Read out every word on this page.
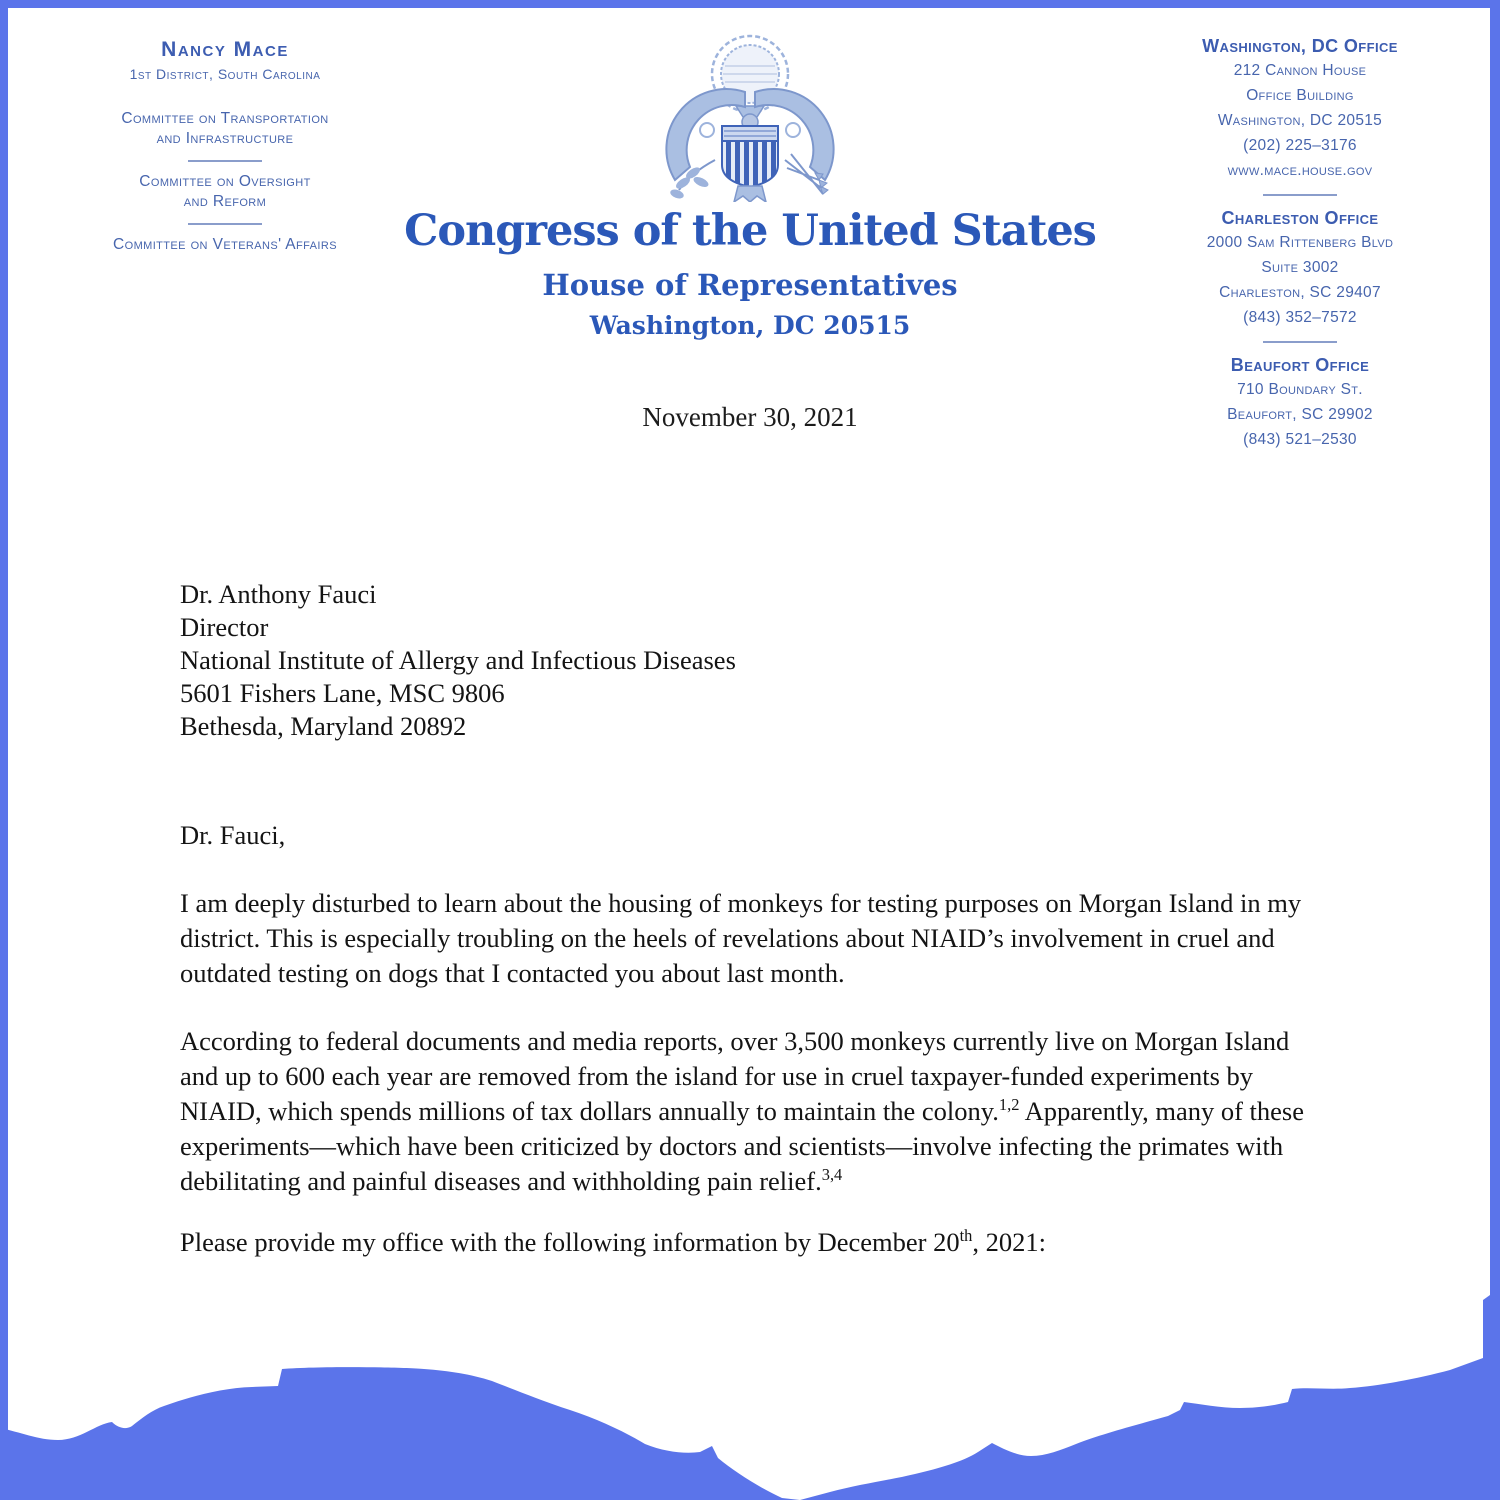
Nancy Mace
1st District, South Carolina
Committee on Transportation
and Infrastructure
Committee on Oversight
and Reform
Committee on Veterans' Affairs
Washington, DC Office
212 Cannon House
Office Building
Washington, DC 20515
(202) 225–3176
www.mace.house.gov
Charleston Office
2000 Sam Rittenberg Blvd
Suite 3002
Charleston, SC 29407
(843) 352–7572
Beaufort Office
710 Boundary St.
Beaufort, SC 29902
(843) 521–2530
Congress of the United States
House of Representatives
Washington, DC 20515
November 30, 2021
Dr. Anthony Fauci
Director
National Institute of Allergy and Infectious Diseases
5601 Fishers Lane, MSC 9806
Bethesda, Maryland 20892
Dr. Fauci,
I am deeply disturbed to learn about the housing of monkeys for testing purposes on Morgan Island in my district. This is especially troubling on the heels of revelations about NIAID’s involvement in cruel and outdated testing on dogs that I contacted you about last month.
According to federal documents and media reports, over 3,500 monkeys currently live on Morgan Island and up to 600 each year are removed from the island for use in cruel taxpayer-funded experiments by NIAID, which spends millions of tax dollars annually to maintain the colony.$^{1,2}$ Apparently, many of these experiments—which have been criticized by doctors and scientists—involve infecting the primates with debilitating and painful diseases and withholding pain relief.$^{3,4}$
Please provide my office with the following information by December 20th, 2021:
